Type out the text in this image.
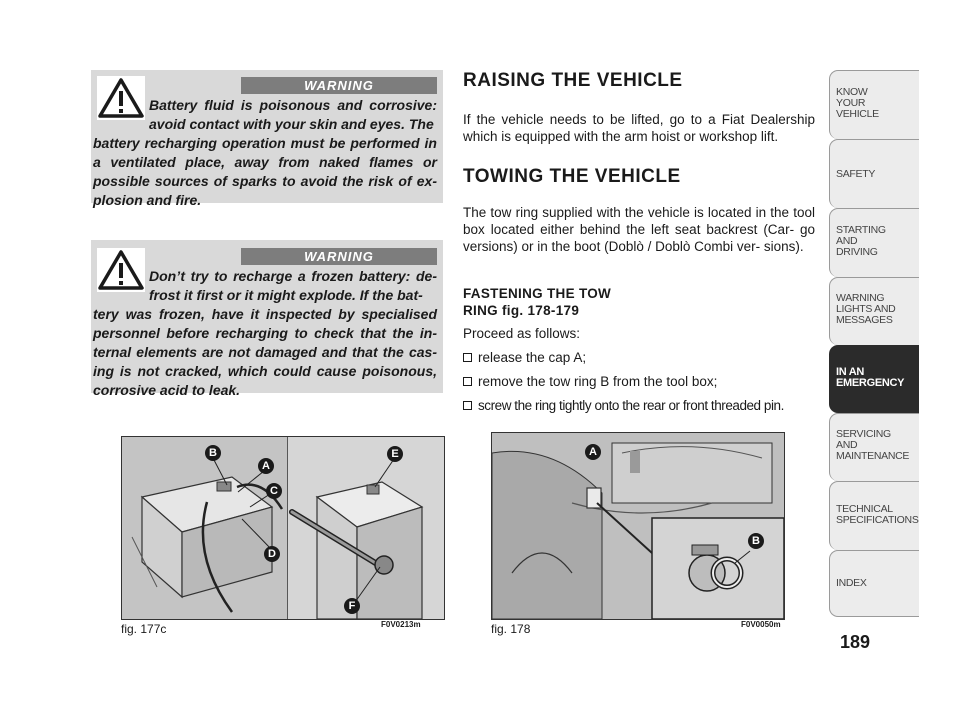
WARNING
Battery fluid is poisonous and corrosive: avoid contact with your skin and eyes. The
battery recharging operation must be performed in a ventilated place, away from naked flames or possible sources of sparks to avoid the risk of ex- plosion and fire.
WARNING
Don’t try to recharge a frozen battery: de- frost it first or it might explode. If the bat-
tery was frozen, have it inspected by specialised personnel before recharging to check that the in- ternal elements are not damaged and that the cas- ing is not cracked, which could cause poisonous, corrosive acid to leak.
RAISING THE VEHICLE
If the vehicle needs to be lifted, go to a Fiat Dealership which is equipped with the arm hoist or workshop lift.
TOWING THE VEHICLE
The tow ring supplied with the vehicle is located in the tool box located either behind the left seat backrest (Car- go versions) or in the boot (Doblò / Doblò Combi ver- sions).
FASTENING THE TOW
RING fig. 178-179
Proceed as follows:
release the cap A;
remove the tow ring B from the tool box;
screw the ring tightly onto the rear or front threaded pin.
B
A
C
D
E
F
fig. 177c	F0V0213m
A
B
fig. 178	F0V0050m
KNOW
YOUR
VEHICLE
SAFETY
STARTING
AND
DRIVING
WARNING
LIGHTS AND
MESSAGES
IN AN
EMERGENCY
SERVICING
AND
MAINTENANCE
TECHNICAL
SPECIFICATIONS
INDEX
189
